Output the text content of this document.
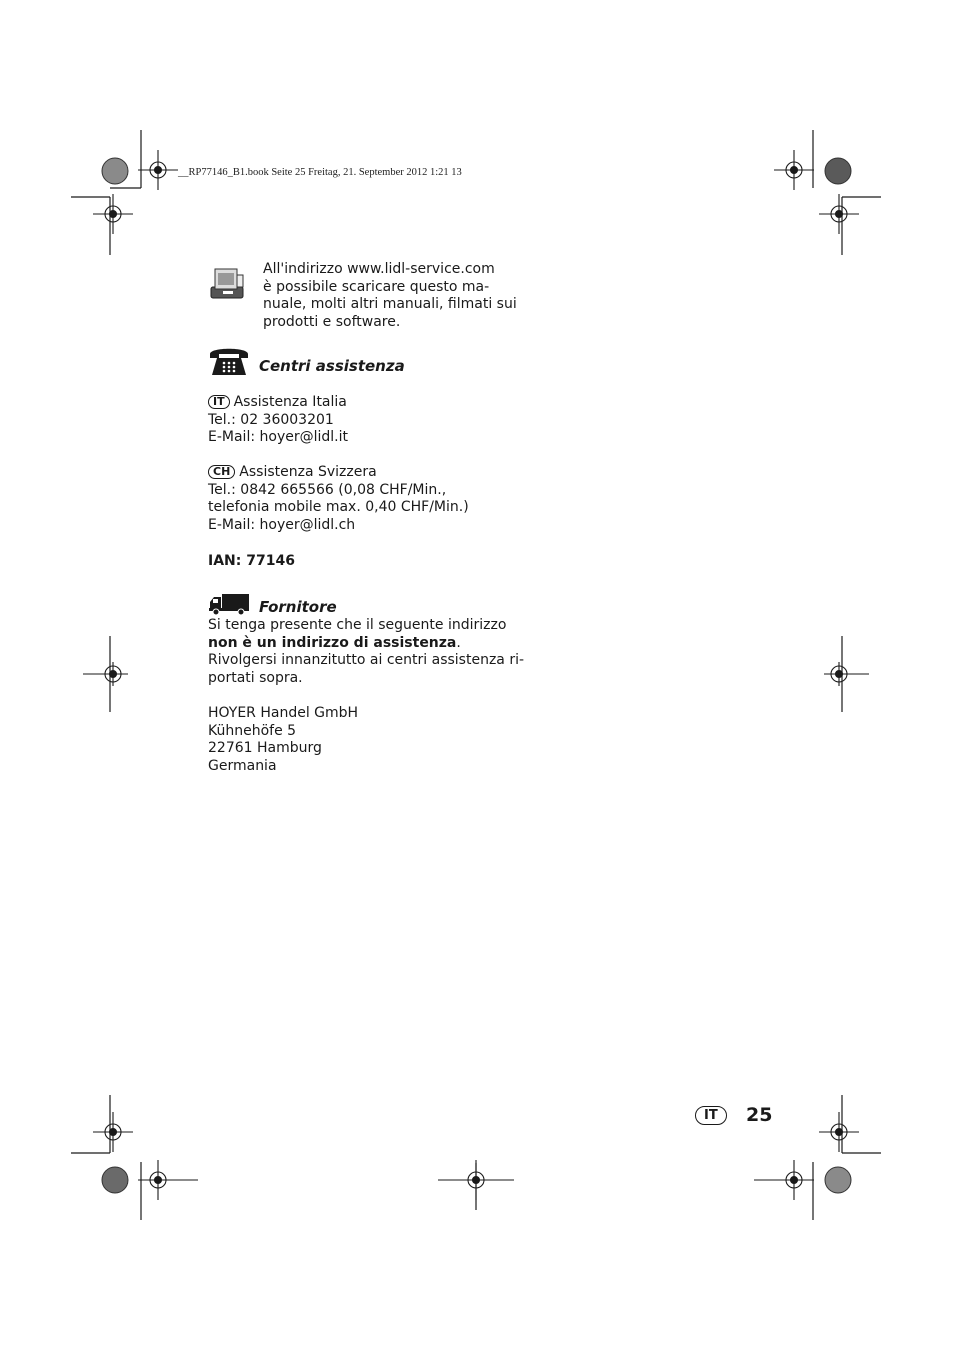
__RP77146_B1.book Seite 25 Freitag, 21. September 2012 1:21 13
All'indirizzo www.lidl-service.com
è possibile scaricare questo ma-
nuale, molti altri manuali, filmati sui
prodotti e software.
Centri assistenza
IT Assistenza Italia
Tel.: 02 36003201
E-Mail: hoyer@lidl.it
CH Assistenza Svizzera
Tel.: 0842 665566 (0,08 CHF/Min.,
telefonia mobile max. 0,40 CHF/Min.)
E-Mail: hoyer@lidl.ch
IAN: 77146
Fornitore
Si tenga presente che il seguente indirizzo
non è un indirizzo di assistenza.
Rivolgersi innanzitutto ai centri assistenza ri-
portati sopra.
HOYER Handel GmbH
Kühnehöfe 5
22761 Hamburg
Germania
IT	25
